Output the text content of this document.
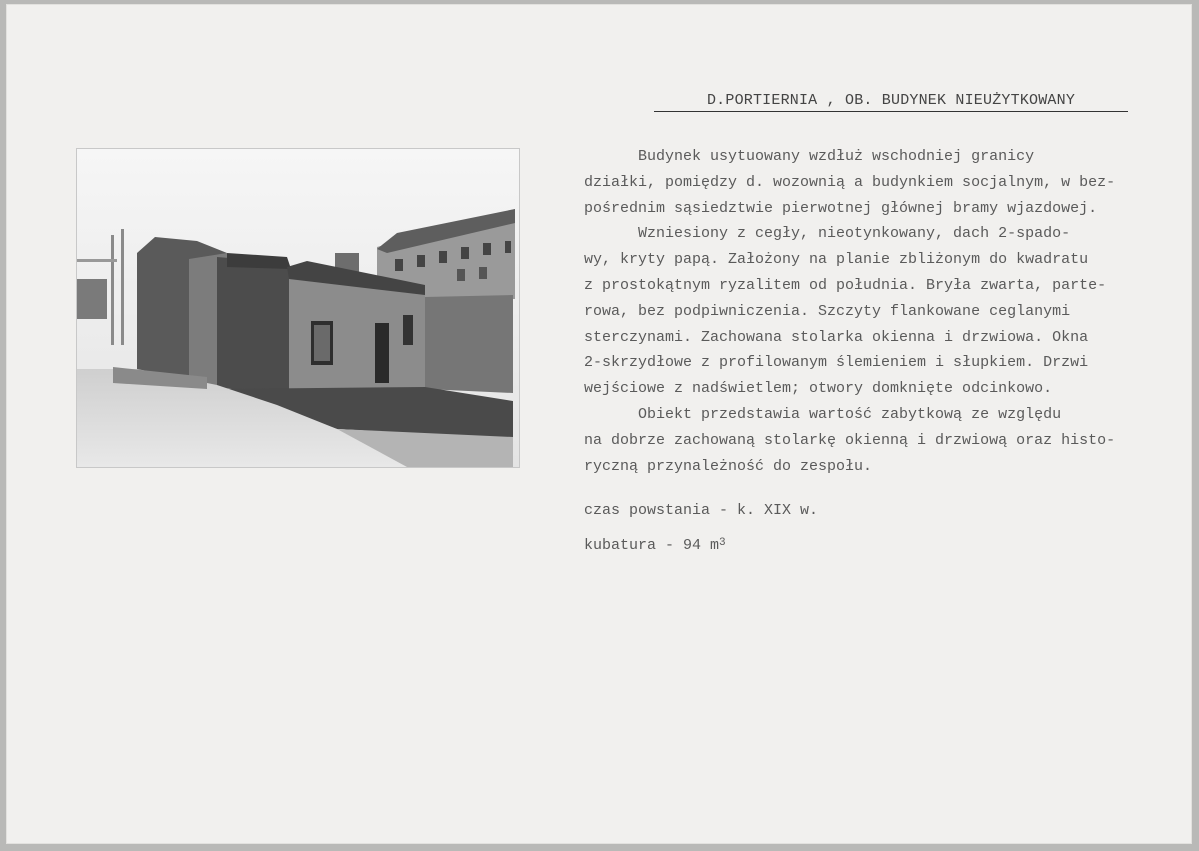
D.PORTIERNIA , OB. BUDYNEK NIEUŻYTKOWANY
Budynek usytuowany wzdłuż wschodniej granicy
działki, pomiędzy d. wozownią a budynkiem socjalnym, w bez-
pośrednim sąsiedztwie pierwotnej głównej bramy wjazdowej.
Wzniesiony z cegły, nieotynkowany, dach 2-spado-
wy, kryty papą. Założony na planie zbliżonym do kwadratu
z prostokątnym ryzalitem od południa. Bryła zwarta, parte-
rowa, bez podpiwniczenia. Szczyty flankowane ceglanymi
sterczynami. Zachowana stolarka okienna i drzwiowa. Okna
2-skrzydłowe z profilowanym ślemieniem i słupkiem. Drzwi
wejściowe z nadświetlem; otwory domknięte odcinkowo.
Obiekt przedstawia wartość zabytkową ze względu
na dobrze zachowaną stolarkę okienną i drzwiową oraz histo-
ryczną przynależność do zespołu.
czas powstania - k. XIX w.
kubatura - 94 $m^3$
